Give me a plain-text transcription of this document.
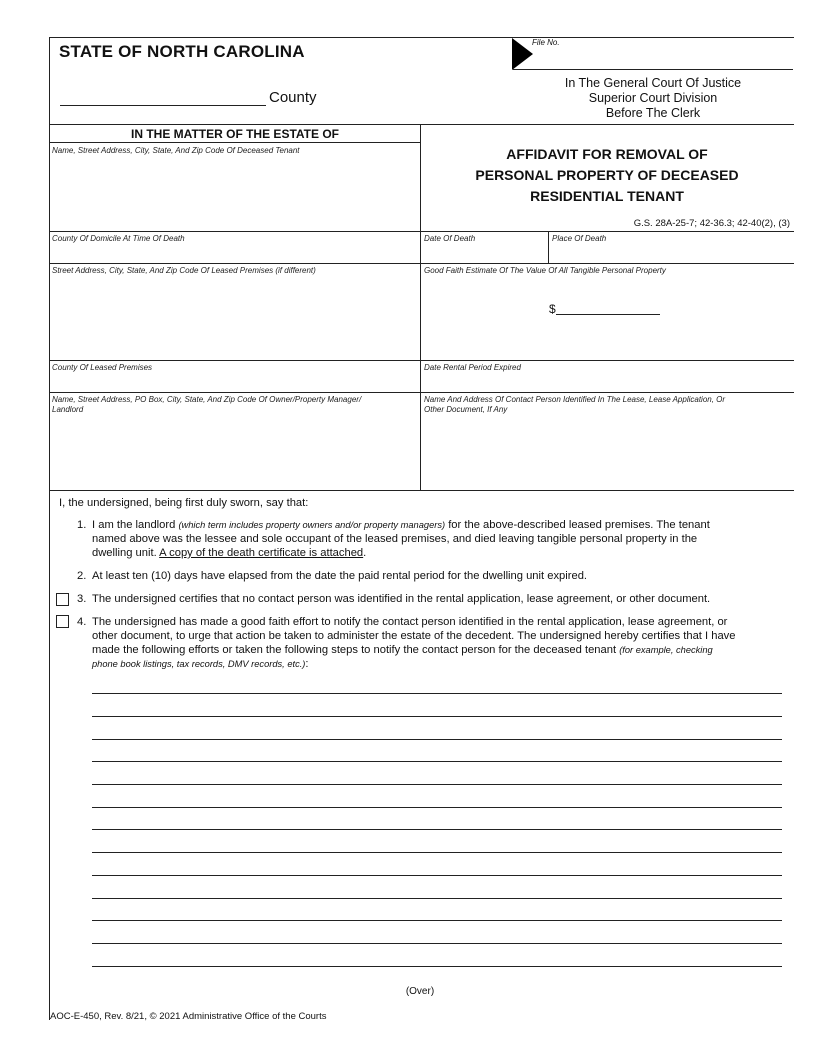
STATE OF NORTH CAROLINA
County
File No.
In The General Court Of Justice
Superior Court Division
Before The Clerk
IN THE MATTER OF THE ESTATE OF
Name, Street Address, City, State, And Zip Code Of Deceased Tenant	AFFIDAVIT FOR REMOVAL OF
PERSONAL PROPERTY OF DECEASED
RESIDENTIAL TENANT
G.S. 28A-25-7; 42-36.3; 42-40(2), (3)
County Of Domicile At Time Of Death	Date Of Death	Place Of Death
Street Address, City, State, And Zip Code Of Leased Premises (if different)	Good Faith Estimate Of The Value Of All Tangible Personal Property
$
County Of Leased Premises	Date Rental Period Expired
Name, Street Address, PO Box, City, State, And Zip Code Of Owner/Property Manager/
Landlord
Name And Address Of Contact Person Identified In The Lease, Lease Application, Or
Other Document, If Any
I, the undersigned, being first duly sworn, say that:
1. I am the landlord (which term includes property owners and/or property managers) for the above-described leased premises. The tenant
named above was the lessee and sole occupant of the leased premises, and died leaving tangible personal property in the
dwelling unit. A copy of the death certificate is attached.
2. At least ten (10) days have elapsed from the date the paid rental period for the dwelling unit expired.
3. The undersigned certifies that no contact person was identified in the rental application, lease agreement, or other document.
4. The undersigned has made a good faith effort to notify the contact person identified in the rental application, lease agreement, or
other document, to urge that action be taken to administer the estate of the decedent. The undersigned hereby certifies that I have
made the following efforts or taken the following steps to notify the contact person for the deceased tenant (for example, checking
phone book listings, tax records, DMV records, etc.):
(Over)
AOC-E-450, Rev. 8/21, © 2021 Administrative Office of the Courts
